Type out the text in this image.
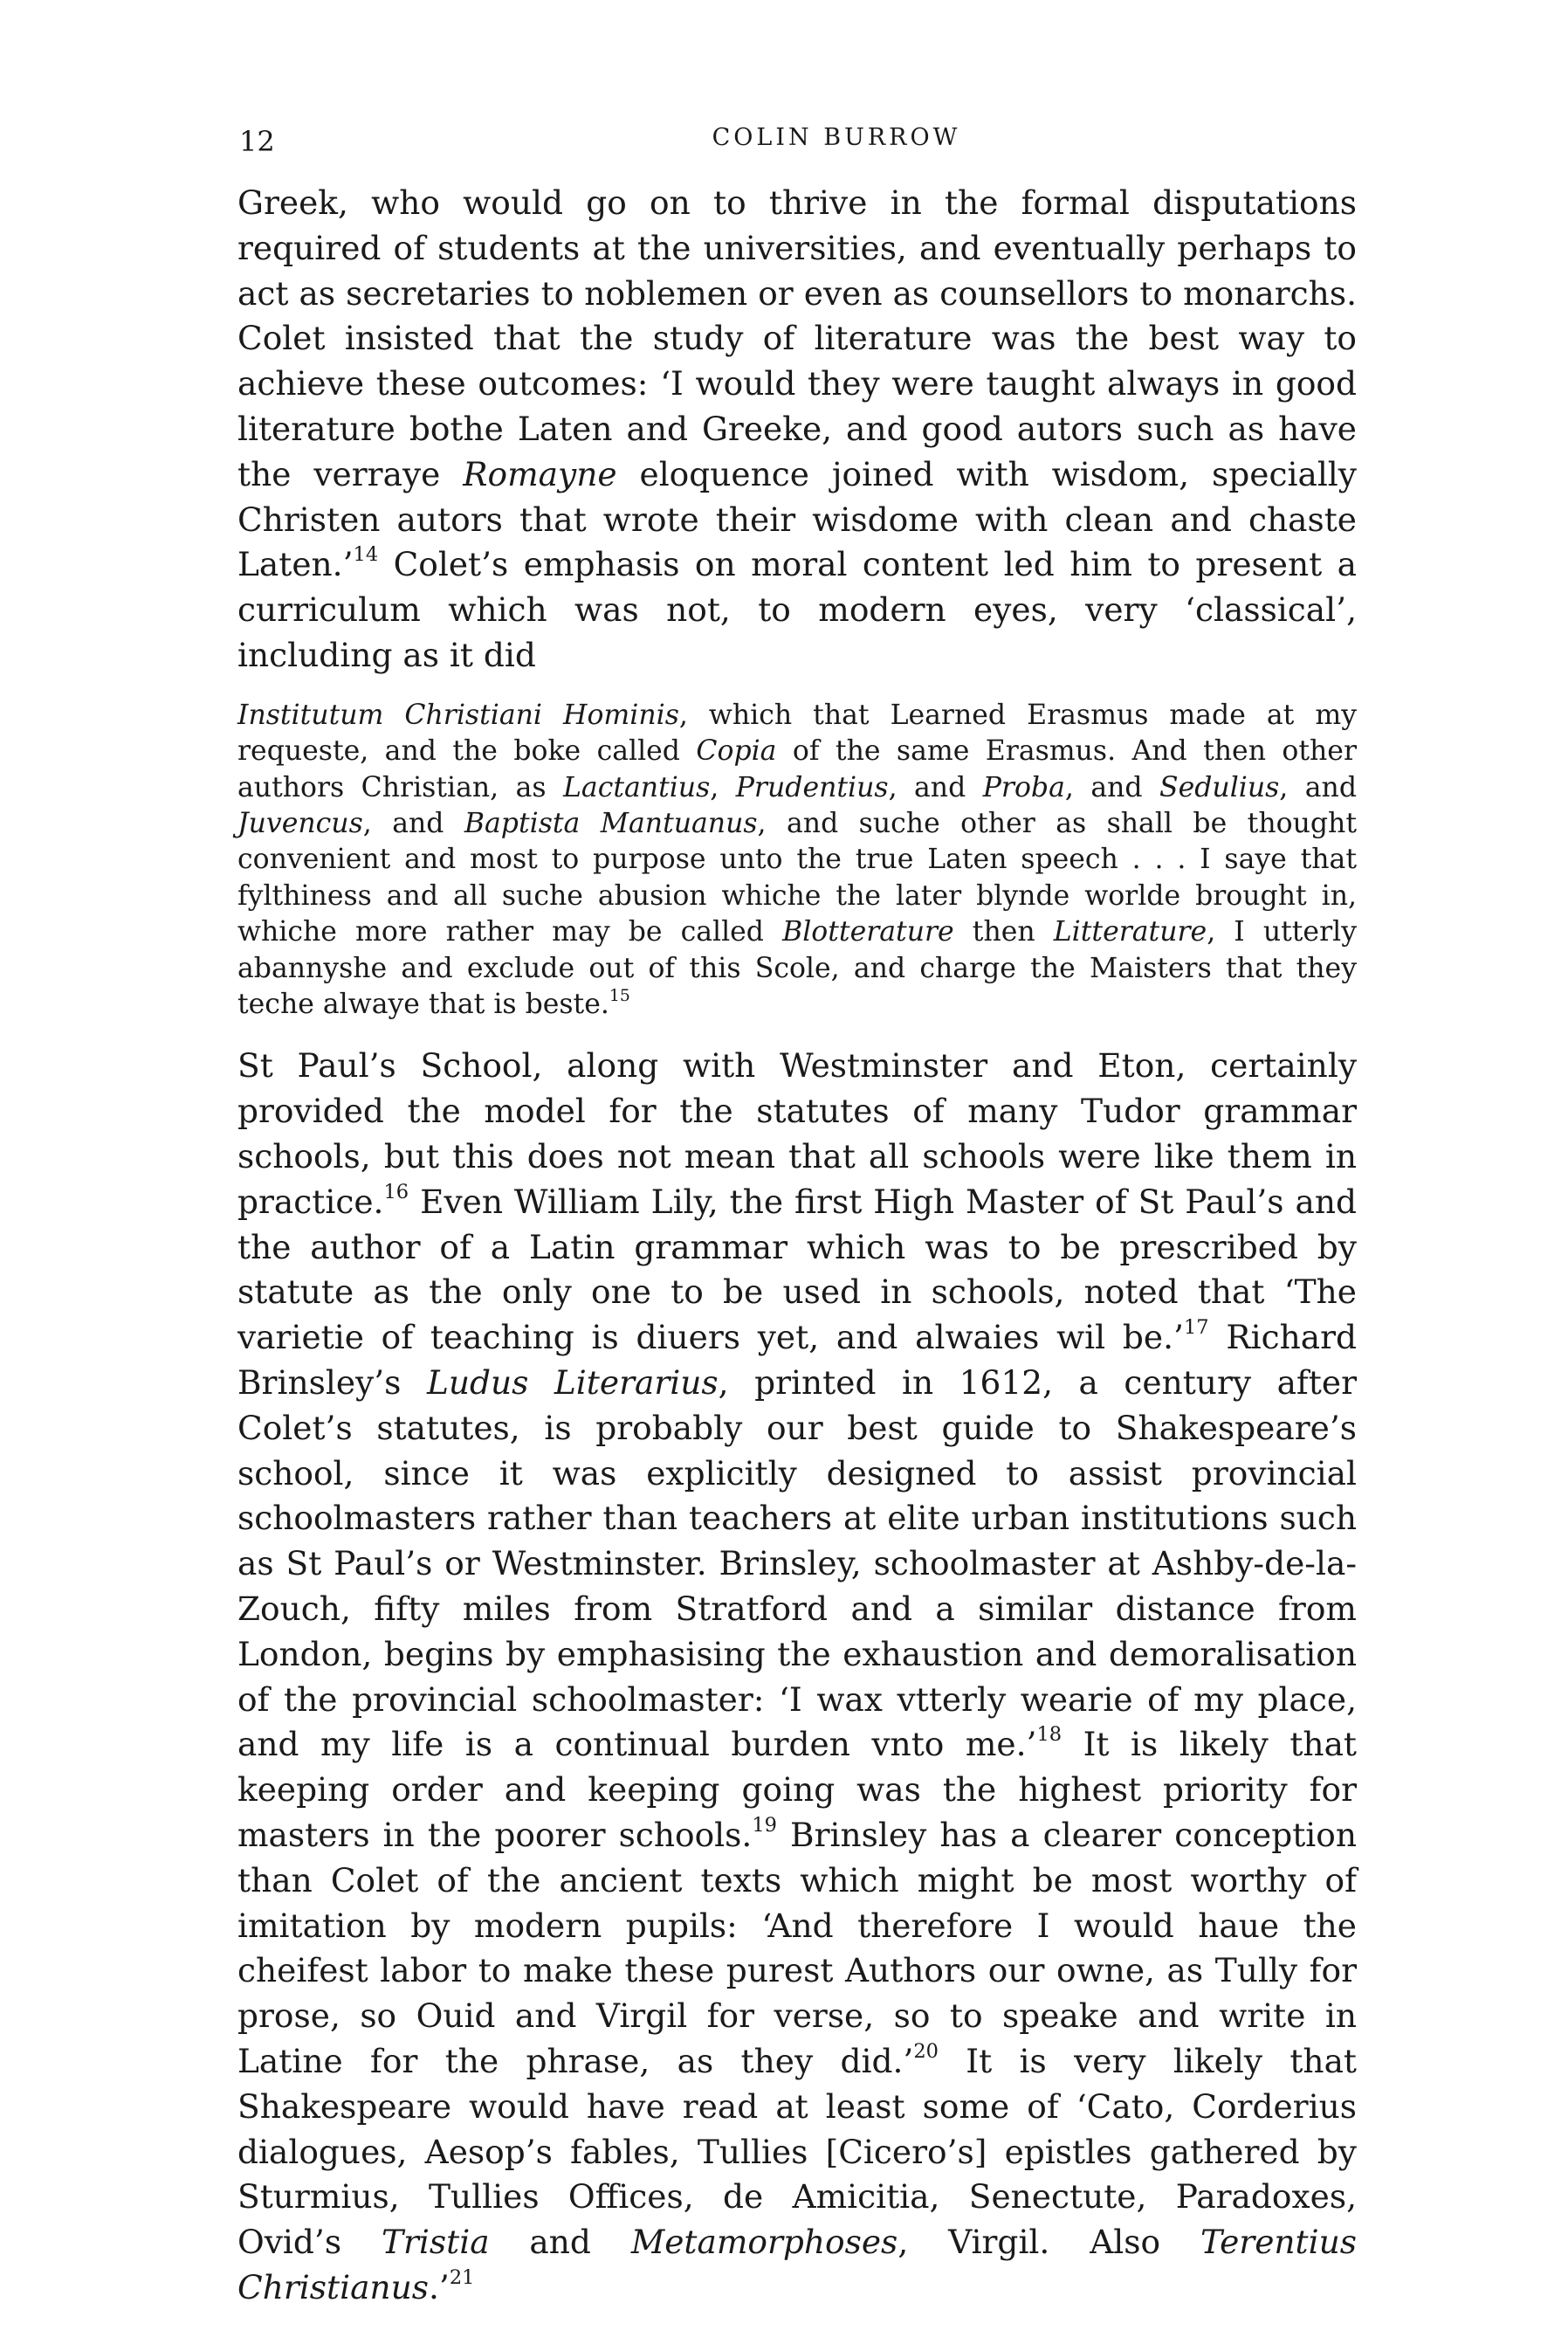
12	COLIN BURROW

Greek, who would go on to thrive in the formal disputations required of students at the universities, and eventually perhaps to act as secretaries to noblemen or even as counsellors to monarchs. Colet insisted that the study of literature was the best way to achieve these outcomes: ‘I would they were taught always in good literature bothe Laten and Greeke, and good autors such as have the verraye Romayne eloquence joined with wisdom, specially Christen autors that wrote their wisdome with clean and chaste Laten.’$^{14}$ Colet’s emphasis on moral content led him to present a curriculum which was not, to modern eyes, very ‘classical’, including as it did

Institutum Christiani Hominis, which that Learned Erasmus made at my requeste, and the boke called Copia of the same Erasmus. And then other authors Christian, as Lactantius, Prudentius, and Proba, and Sedulius, and Juvencus, and Baptista Mantuanus, and suche other as shall be thought convenient and most to purpose unto the true Laten speech . . . I saye that fylthiness and all suche abusion whiche the later blynde worlde brought in, whiche more rather may be called Blotterature then Litterature, I utterly abannyshe and exclude out of this Scole, and charge the Maisters that they teche alwaye that is beste.$^{15}$

St Paul’s School, along with Westminster and Eton, certainly provided the model for the statutes of many Tudor grammar schools, but this does not mean that all schools were like them in practice.$^{16}$ Even William Lily, the first High Master of St Paul’s and the author of a Latin grammar which was to be prescribed by statute as the only one to be used in schools, noted that ‘The varietie of teaching is diuers yet, and alwaies wil be.’$^{17}$ Richard Brinsley’s Ludus Literarius, printed in 1612, a century after Colet’s statutes, is probably our best guide to Shakespeare’s school, since it was explicitly designed to assist provincial schoolmasters rather than teachers at elite urban institutions such as St Paul’s or Westminster. Brinsley, schoolmaster at Ashby-de-la-Zouch, fifty miles from Stratford and a similar distance from London, begins by emphasising the exhaustion and demoralisation of the provincial schoolmaster: ‘I wax vtterly wearie of my place, and my life is a continual burden vnto me.’$^{18}$ It is likely that keeping order and keeping going was the highest priority for masters in the poorer schools.$^{19}$ Brinsley has a clearer conception than Colet of the ancient texts which might be most worthy of imitation by modern pupils: ‘And therefore I would haue the cheifest labor to make these purest Authors our owne, as Tully for prose, so Ouid and Virgil for verse, so to speake and write in Latine for the phrase, as they did.’$^{20}$ It is very likely that Shakespeare would have read at least some of ‘Cato, Corderius dialogues, Aesop’s fables, Tullies [Cicero’s] epistles gathered by Sturmius, Tullies Offices, de Amicitia, Senectute, Paradoxes, Ovid’s Tristia and Metamorphoses, Virgil. Also Terentius Christianus.’$^{21}$
